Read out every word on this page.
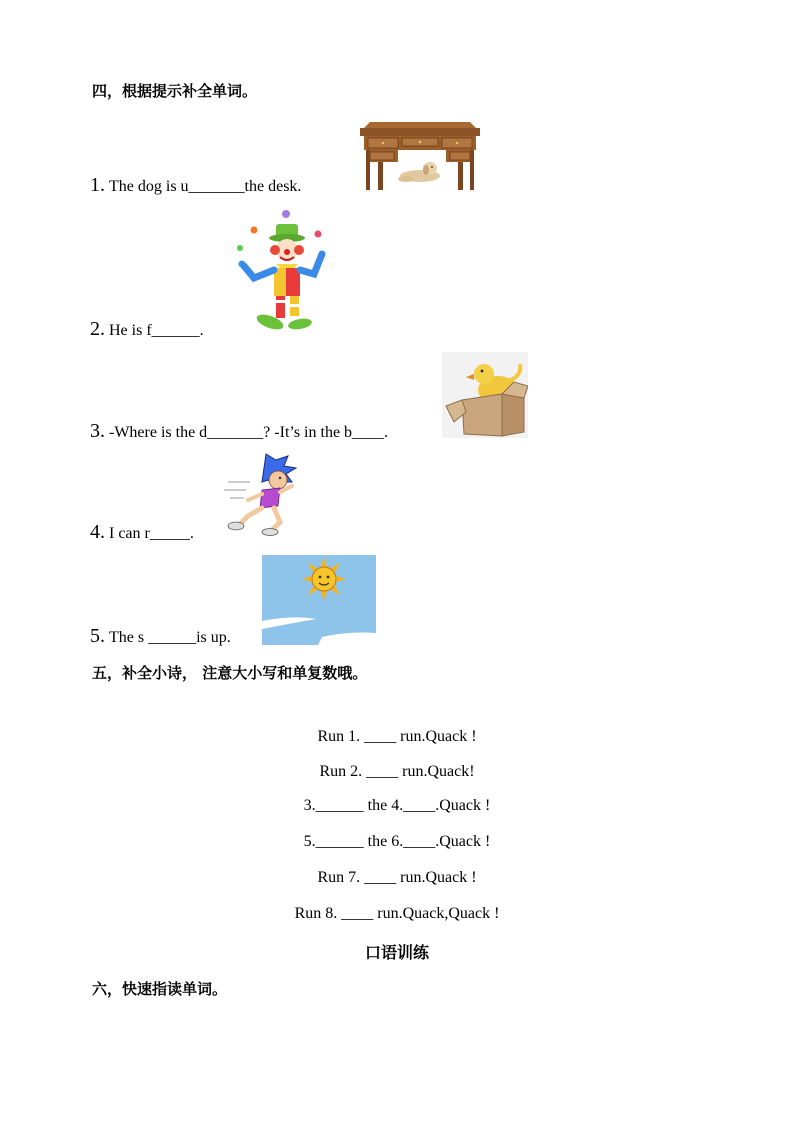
四，根据提示补全单词。
1. The dog is u_______the desk.
2. He is f______.
3. -Where is the d_______? -It’s in the b____.
4. I can r_____.
5. The s ______is up.
五，补全小诗， 注意大小写和单复数哦。
Run 1. ____ run.Quack !
Run 2. ____ run.Quack!
3.______ the 4.____.Quack !
5.______ the 6.____.Quack !
Run 7. ____ run.Quack !
Run 8. ____ run.Quack,Quack !
口语训练
六，快速指读单词。
